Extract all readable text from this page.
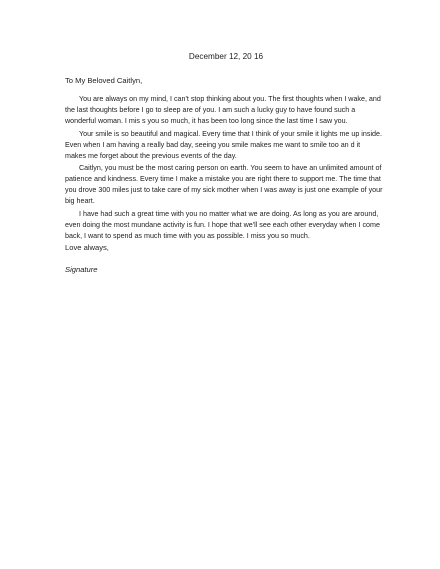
December 12, 20 16
To My Beloved Caitlyn,

You are always on my mind, I can't stop thinking about you. The first thoughts when I wake, and the last thoughts before I go to sleep are of you. I am such a lucky guy to have found such a wonderful woman. I mis s you so much, it has been too long since the last time I saw you.

Your smile is so beautiful and magical. Every time that I think of your smile it lights me up inside. Even when I am having a really bad day, seeing you smile makes me want to smile too an d it makes me forget about the previous events of the day.

Caitlyn, you must be the most caring person on earth. You seem to have an unlimited amount of patience and kindness. Every time I make a mistake you are right there to support me. The time that you drove 300 miles just to take care of my sick mother when I was away is just one example of your big heart.

I have had such a great time with you no matter what we are doing. As long as you are around, even doing the most mundane activity is fun. I hope that we'll see each other everyday when I come back, I want to spend as much time with you as possible. I miss you so much.

Love always,
Signature
